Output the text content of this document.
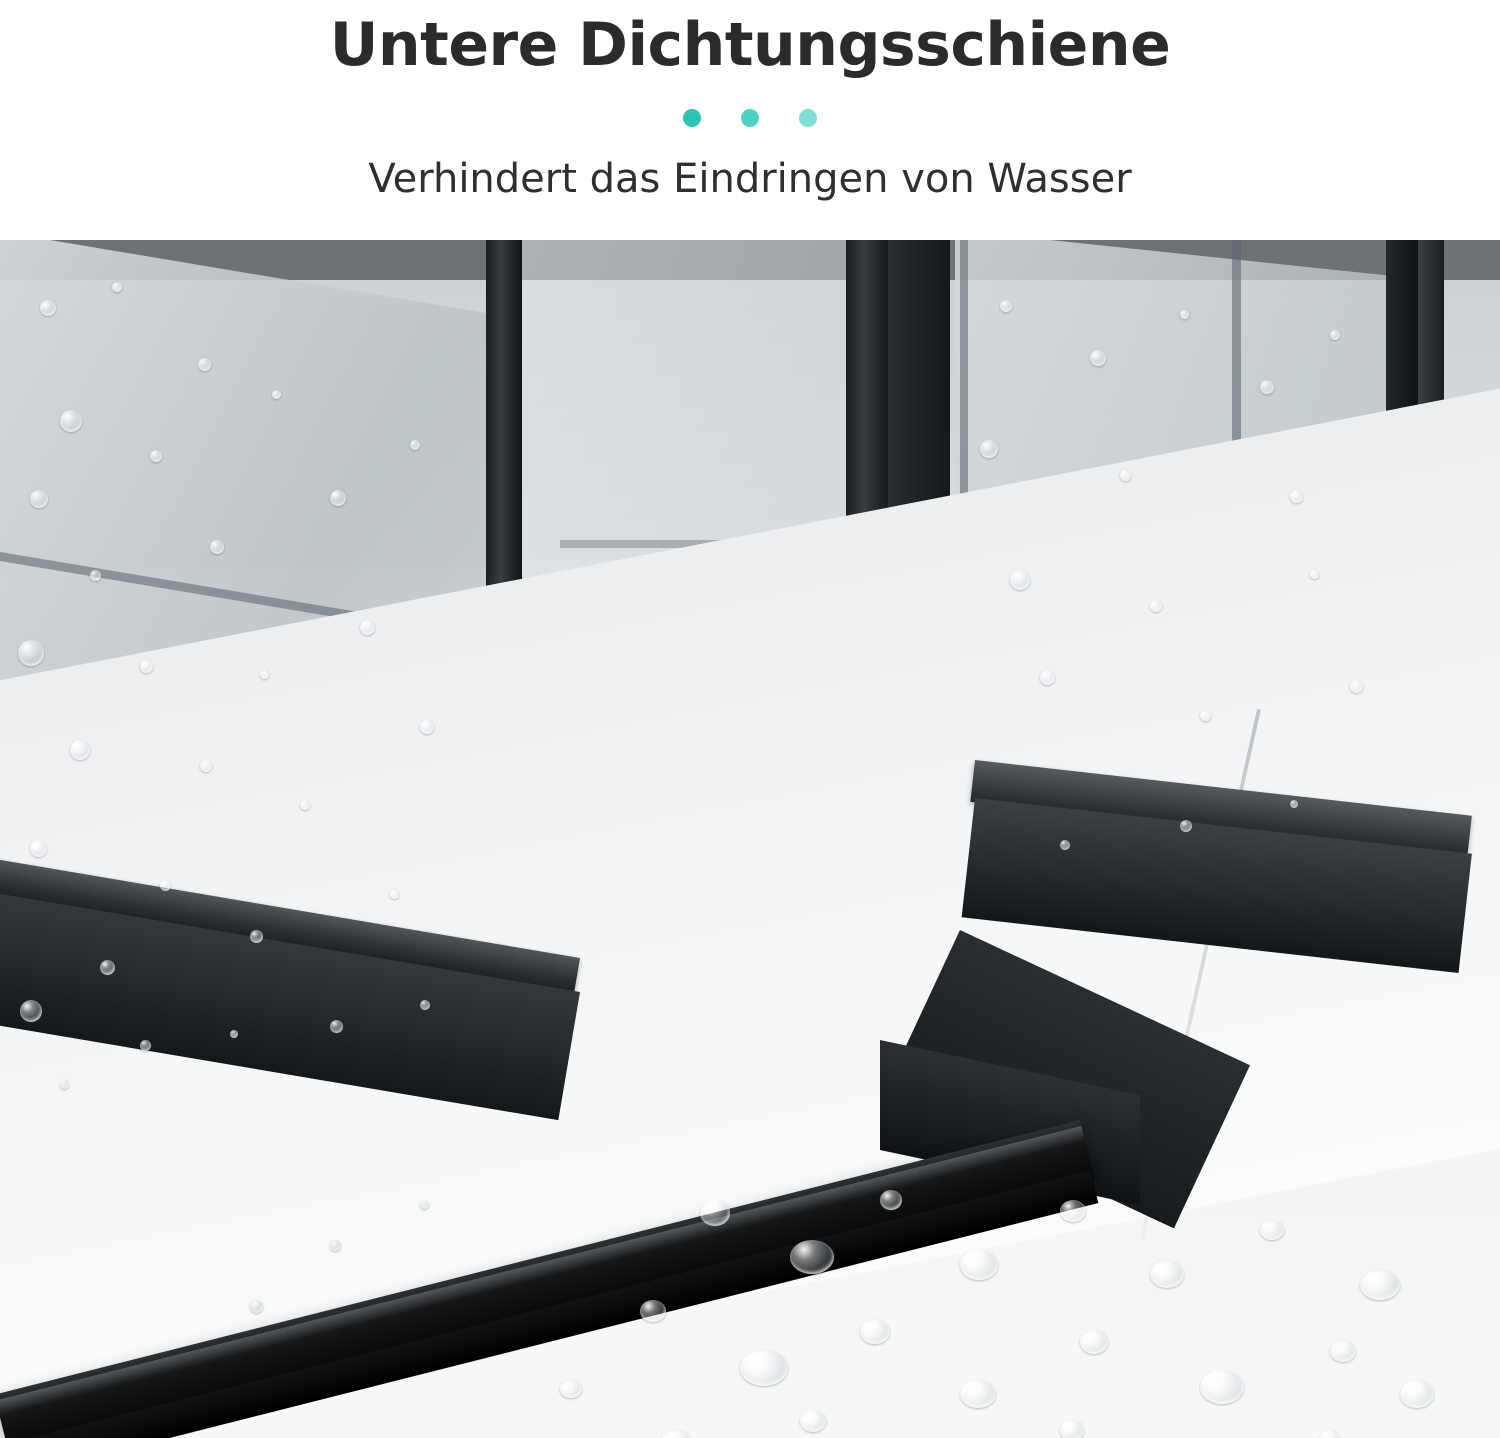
Untere Dichtungsschiene

Verhindert das Eindringen von Wasser
